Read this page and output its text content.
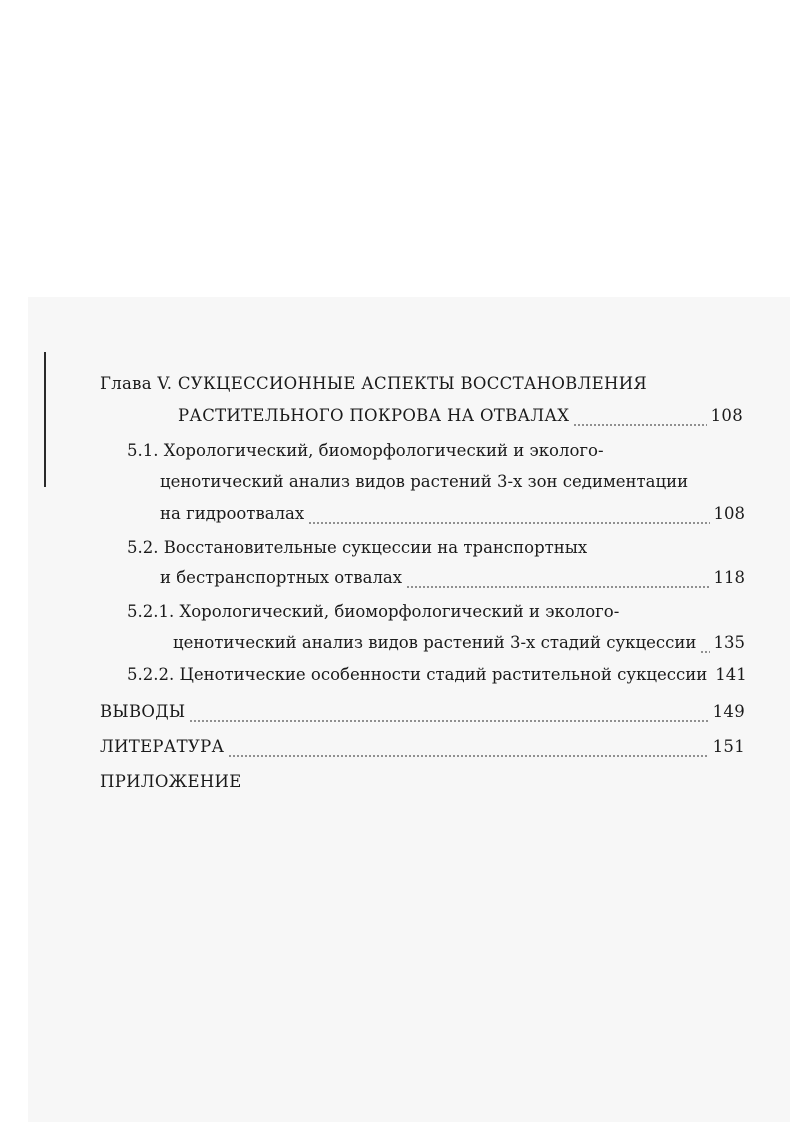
Глава V. СУКЦЕССИОННЫЕ АСПЕКТЫ ВОССТАНОВЛЕНИЯ
РАСТИТЕЛЬНОГО ПОКРОВА НА ОТВАЛАХ	108
5.1. Хорологический, биоморфологический и эколого-
ценотический анализ видов растений 3-х зон седиментации
на гидроотвалах	108
5.2. Восстановительные сукцессии на транспортных
и бестранспортных отвалах	118
5.2.1. Хорологический, биоморфологический и эколого-
ценотический анализ видов растений 3-х стадий сукцессии 135
5.2.2. Ценотические особенности стадий растительной сукцессии 141
ВЫВОДЫ	149
ЛИТЕРАТУРА	151
ПРИЛОЖЕНИЕ
